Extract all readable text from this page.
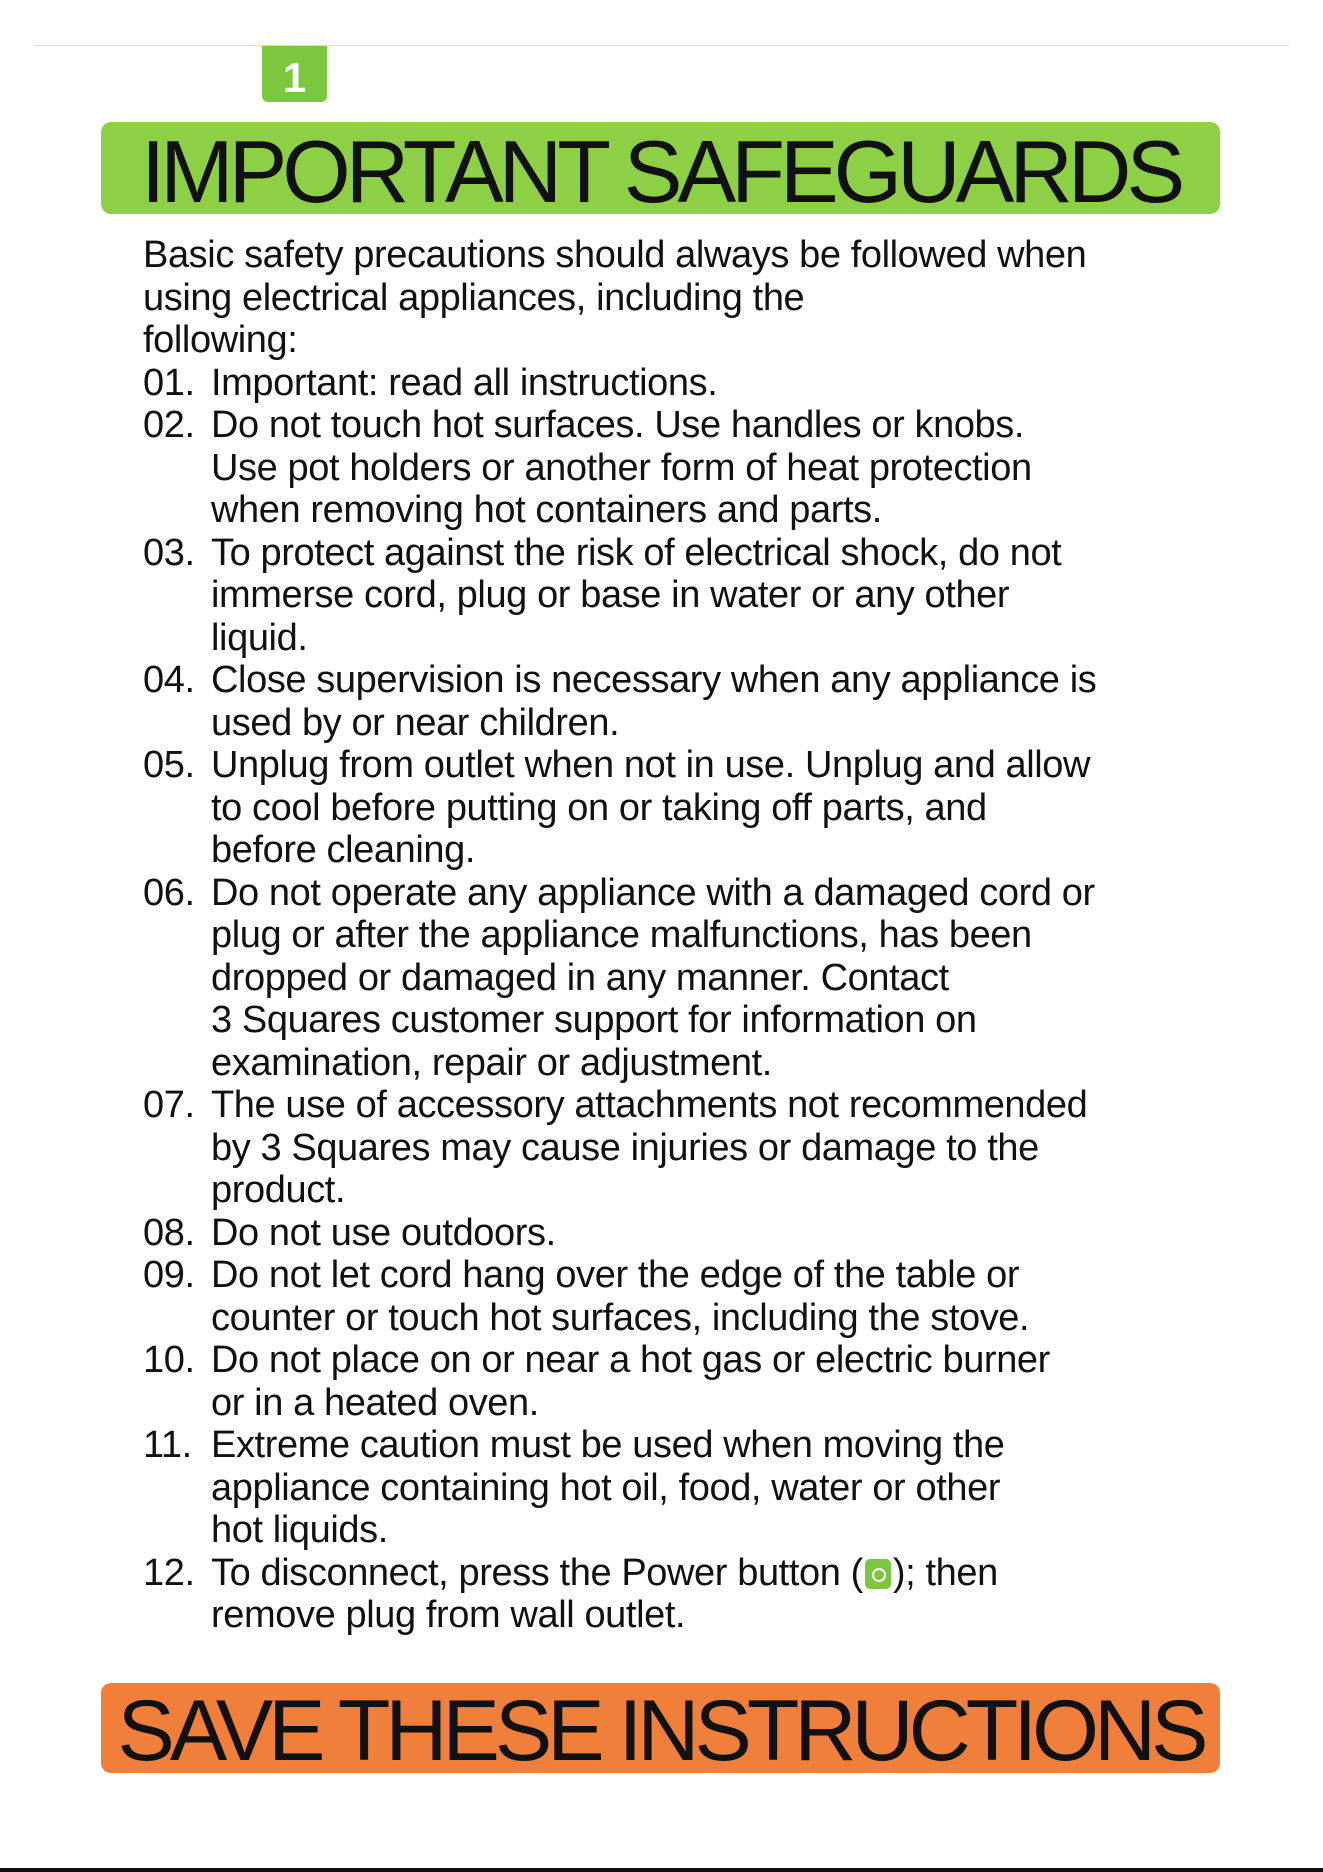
1
IMPORTANT SAFEGUARDS

Basic safety precautions should always be followed when
using electrical appliances, including the
following:

01. Important: read all instructions.
02. Do not touch hot surfaces. Use handles or knobs.
Use pot holders or another form of heat protection
when removing hot containers and parts.
03. To protect against the risk of electrical shock, do not
immerse cord, plug or base in water or any other
liquid.
04. Close supervision is necessary when any appliance is
used by or near children.
05. Unplug from outlet when not in use. Unplug and allow
to cool before putting on or taking off parts, and
before cleaning.
06. Do not operate any appliance with a damaged cord or
plug or after the appliance malfunctions, has been
dropped or damaged in any manner. Contact
3 Squares customer support for information on
examination, repair or adjustment.
07. The use of accessory attachments not recommended
by 3 Squares may cause injuries or damage to the
product.
08. Do not use outdoors.
09. Do not let cord hang over the edge of the table or
counter or touch hot surfaces, including the stove.
10. Do not place on or near a hot gas or electric burner
or in a heated oven.
11. Extreme caution must be used when moving the
appliance containing hot oil, food, water or other
hot liquids.
12. To disconnect, press the Power button ( ); then
remove plug from wall outlet.
SAVE THESE INSTRUCTIONS
